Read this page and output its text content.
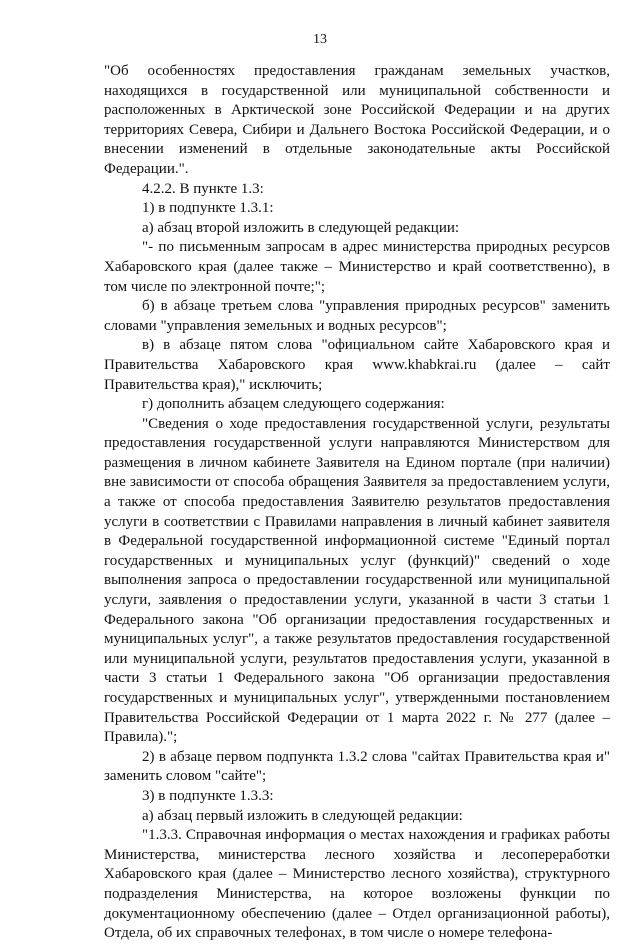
13

"Об особенностях предоставления гражданам земельных участков, находящихся в государственной или муниципальной собственности и расположенных в Арктической зоне Российской Федерации и на других территориях Севера, Сибири и Дальнего Востока Российской Федерации, и о внесении изменений в отдельные законодательные акты Российской Федерации.".

4.2.2. В пункте 1.3:

1) в подпункте 1.3.1:

а) абзац второй изложить в следующей редакции:

"- по письменным запросам в адрес министерства природных ресурсов Хабаровского края (далее также – Министерство и край соответственно), в том числе по электронной почте;";

б) в абзаце третьем слова "управления природных ресурсов" заменить словами "управления земельных и водных ресурсов";

в) в абзаце пятом слова "официальном сайте Хабаровского края и Правительства Хабаровского края www.khabkrai.ru (далее – сайт Правительства края)," исключить;

г) дополнить абзацем следующего содержания:

"Сведения о ходе предоставления государственной услуги, результаты предоставления государственной услуги направляются Министерством для размещения в личном кабинете Заявителя на Едином портале (при наличии) вне зависимости от способа обращения Заявителя за предоставлением услуги, а также от способа предоставления Заявителю результатов предоставления услуги в соответствии с Правилами направления в личный кабинет заявителя в Федеральной государственной информационной системе "Единый портал государственных и муниципальных услуг (функций)" сведений о ходе выполнения запроса о предоставлении государственной или муниципальной услуги, заявления о предоставлении услуги, указанной в части 3 статьи 1 Федерального закона "Об организации предоставления государственных и муниципальных услуг", а также результатов предоставления государственной или муниципальной услуги, результатов предоставления услуги, указанной в части 3 статьи 1 Федерального закона "Об организации предоставления государственных и муниципальных услуг", утвержденными постановлением Правительства Российской Федерации от 1 марта 2022 г. № 277 (далее – Правила).";

2) в абзаце первом подпункта 1.3.2 слова "сайтах Правительства края и" заменить словом "сайте";

3) в подпункте 1.3.3:

а) абзац первый изложить в следующей редакции:

"1.3.3. Справочная информация о местах нахождения и графиках работы Министерства, министерства лесного хозяйства и лесопереработки Хабаровского края (далее – Министерство лесного хозяйства), структурного подразделения Министерства, на которое возложены функции по документационному обеспечению (далее – Отдел организационной работы), Отдела, об их справочных телефонах, в том числе о номере телефона-
